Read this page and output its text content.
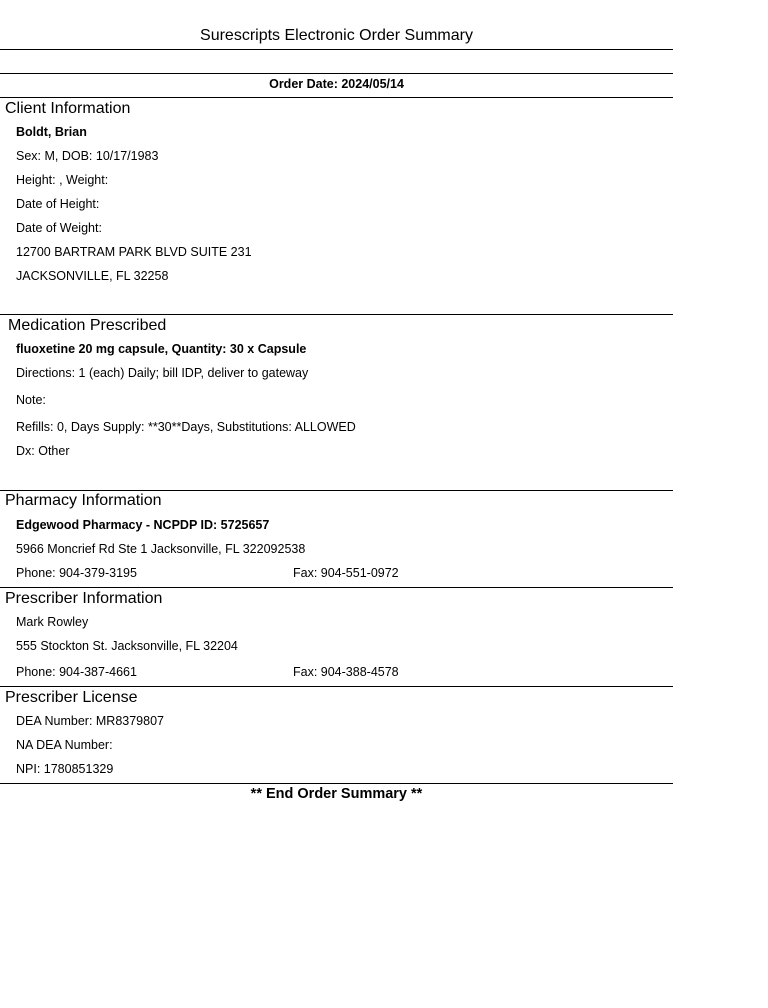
Surescripts Electronic Order Summary
Order Date: 2024/05/14
Client Information
Boldt, Brian
Sex: M, DOB: 10/17/1983
Height: , Weight:
Date of Height:
Date of Weight:
12700 BARTRAM PARK BLVD SUITE 231
JACKSONVILLE, FL 32258
Medication Prescribed
fluoxetine 20 mg capsule, Quantity: 30 x Capsule
Directions: 1 (each) Daily; bill IDP, deliver to gateway
Note:
Refills: 0, Days Supply: **30**Days, Substitutions: ALLOWED
Dx: Other
Pharmacy Information
Edgewood Pharmacy - NCPDP ID: 5725657
5966 Moncrief Rd Ste 1 Jacksonville, FL 322092538
Phone: 904-379-3195	Fax: 904-551-0972
Prescriber Information
Mark Rowley
555 Stockton St. Jacksonville, FL 32204
Phone: 904-387-4661	Fax: 904-388-4578
Prescriber License
DEA Number: MR8379807
NA DEA Number:
NPI: 1780851329
** End Order Summary **
